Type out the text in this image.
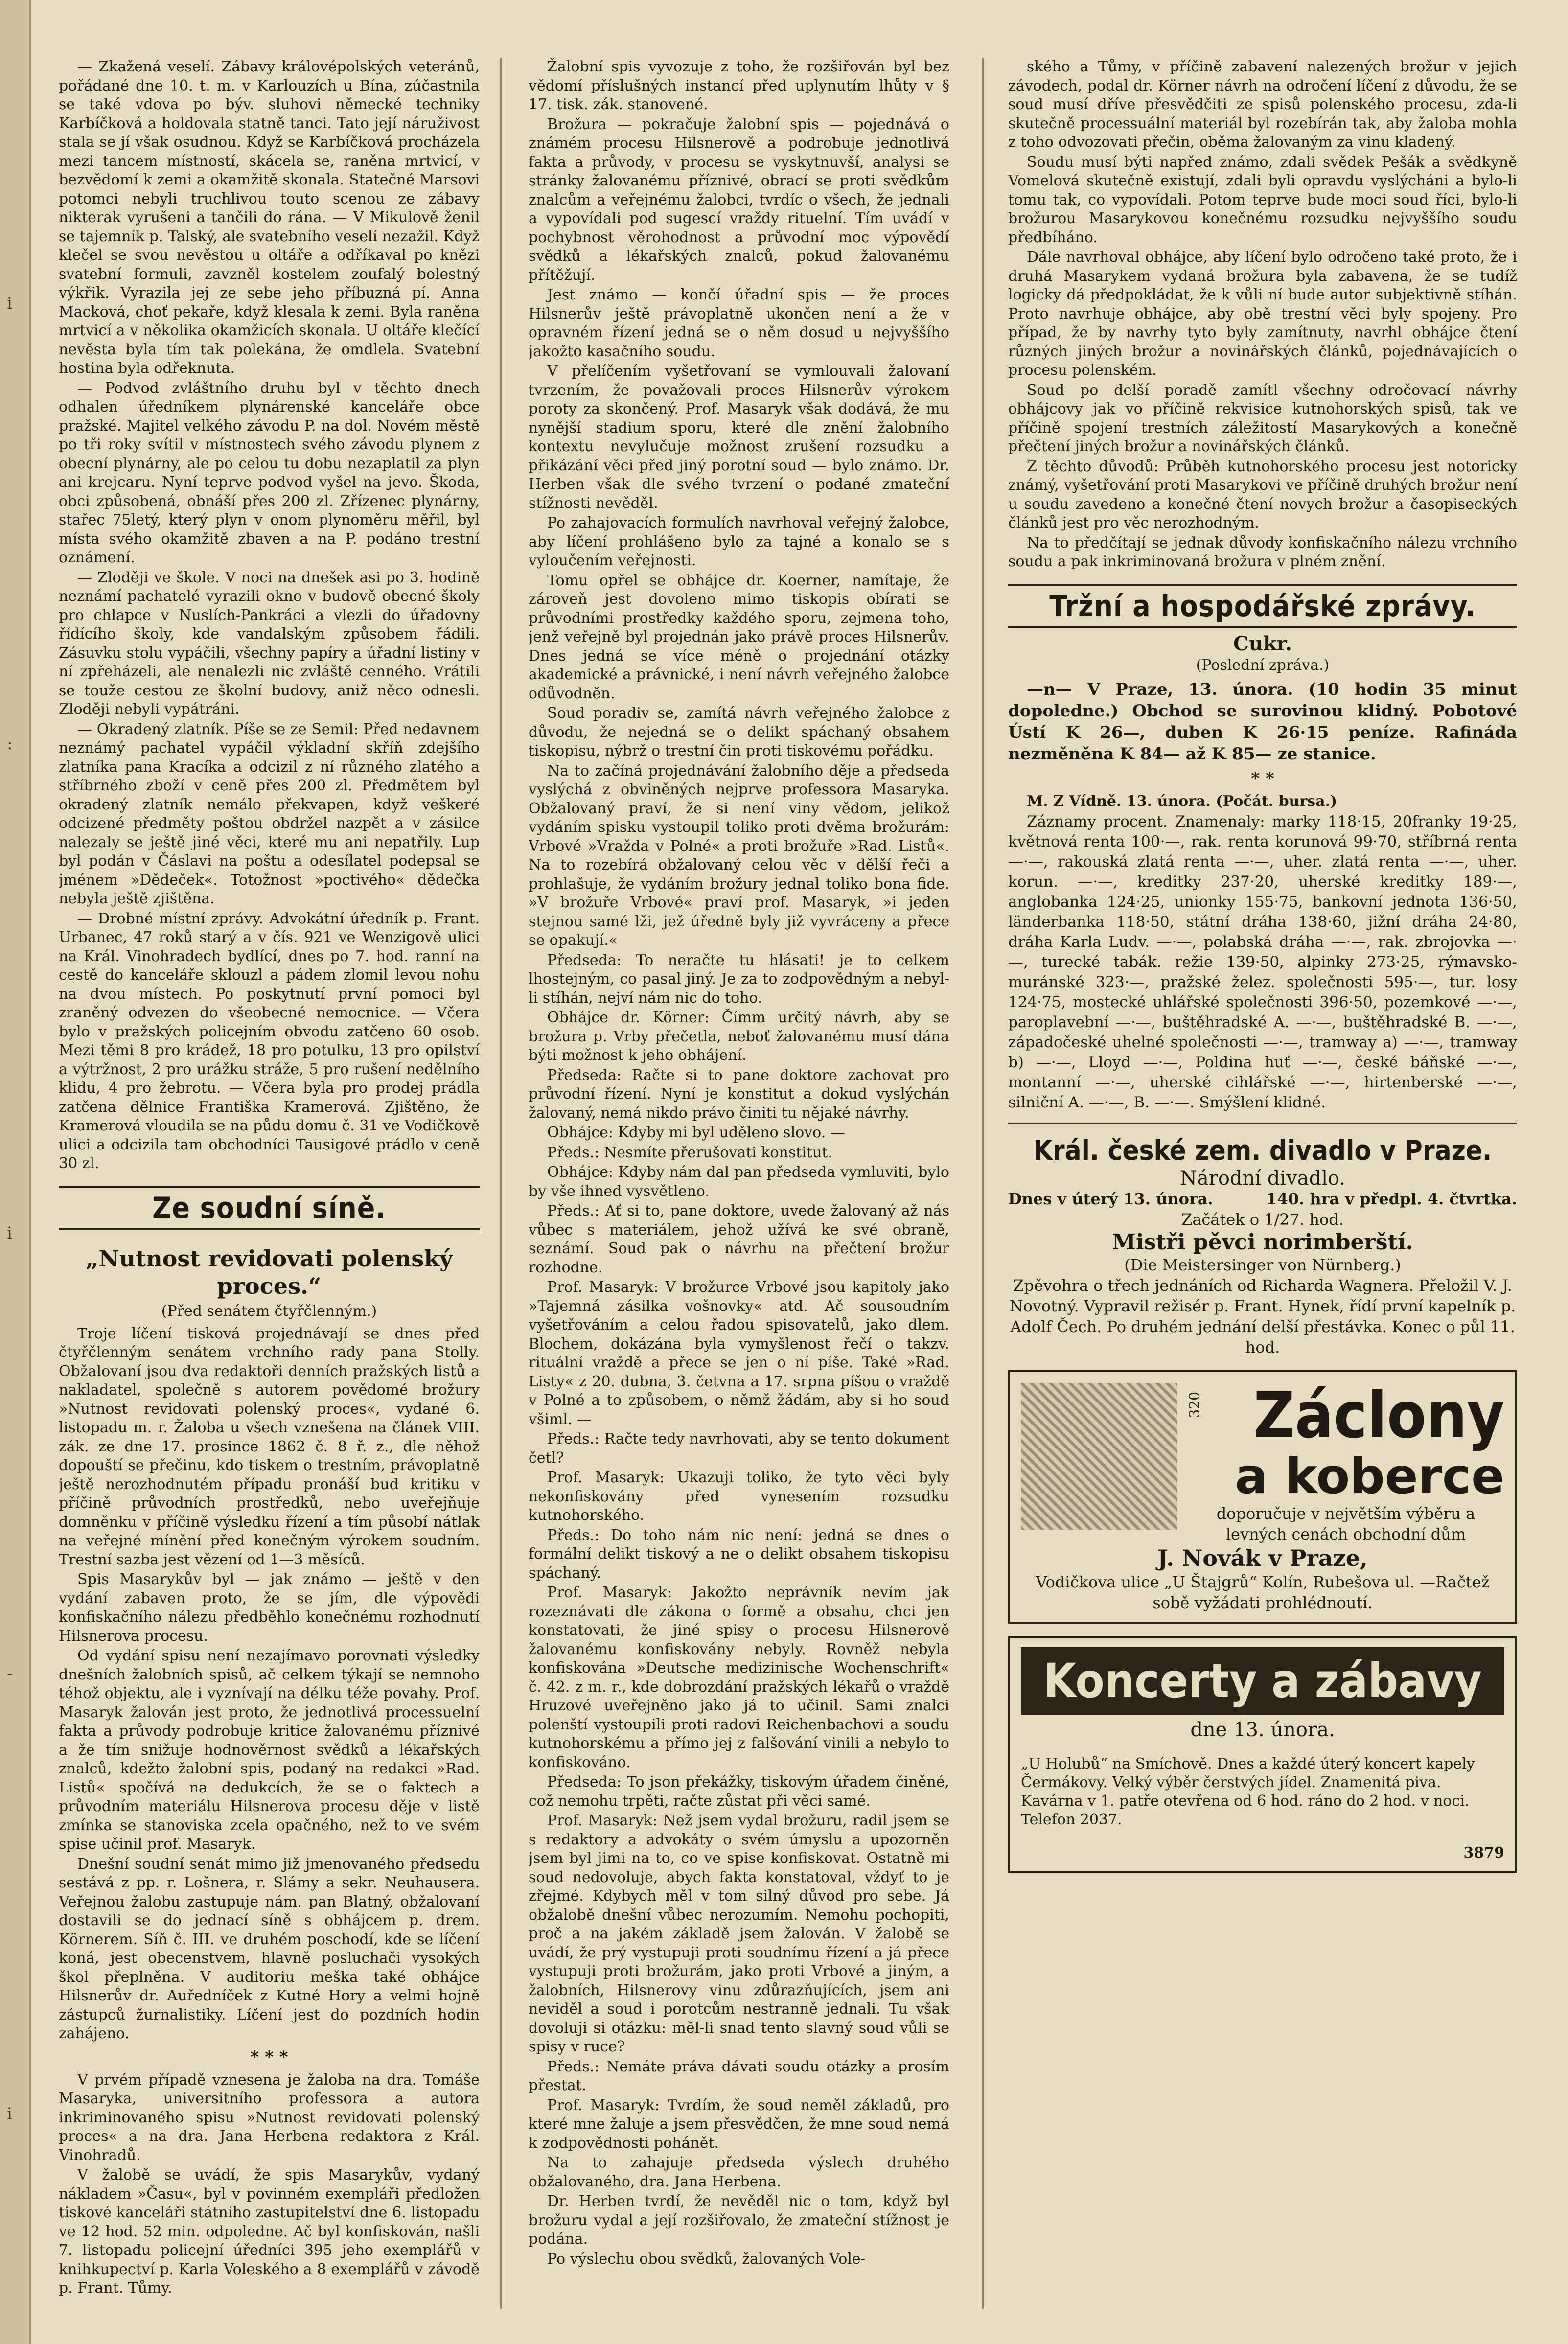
i
:
i
-
i

— Zkažená veselí. Zábavy královépolských veteránů, pořádané dne 10. t. m. v Karlouzích u Bína, zúčastnila se také vdova po býv. sluhovi německé techniky Karbíčková a holdovala statně tanci. Tato její náruživost stala se jí však osudnou. Když se Karbíčková procházela mezi tancem místností, skácela se, raněna mrtvicí, v bezvědomí k zemi a okamžitě skonala. Statečné Marsovi potomci nebyli truchlivou touto scenou ze zábavy nikterak vyrušeni a tančili do rána. — V Mikulově ženil se tajemník p. Talský, ale svatebního veselí nezažil. Když klečel se svou nevěstou u oltáře a odříkaval po knězi svatební formuli, zavzněl kostelem zoufalý bolestný výkřik. Vyrazila jej ze sebe jeho příbuzná pí. Anna Macková, choť pekaře, když klesala k zemi. Byla raněna mrtvicí a v několika okamžicích skonala. U oltáře klečící nevěsta byla tím tak polekána, že omdlela. Svatební hostina byla odřeknuta.

— Podvod zvláštního druhu byl v těchto dnech odhalen úředníkem plynárenské kanceláře obce pražské. Majitel velkého závodu P. na dol. Novém městě po tři roky svítil v místnostech svého závodu plynem z obecní plynárny, ale po celou tu dobu nezaplatil za plyn ani krejcaru. Nyní teprve podvod vyšel na jevo. Škoda, obci způsobená, obnáší přes 200 zl. Zřízenec plynárny, stařec 75letý, který plyn v onom plynoměru měřil, byl místa svého okamžitě zbaven a na P. podáno trestní oznámení.

— Zloději ve škole. V noci na dnešek asi po 3. hodině neznámí pachatelé vyrazili okno v budově obecné školy pro chlapce v Nuslích-Pankráci a vlezli do úřadovny řídícího školy, kde vandalským způsobem řádili. Zásuvku stolu vypáčili, všechny papíry a úřadní listiny v ní zpřeházeli, ale nenalezli nic zvláště cenného. Vrátili se touže cestou ze školní budovy, aniž něco odnesli. Zloději nebyli vypátráni.

— Okradený zlatník. Píše se ze Semil: Před nedavnem neznámý pachatel vypáčil výkladní skříň zdejšího zlatníka pana Kracíka a odcizil z ní různého zlatého a stříbrného zboží v ceně přes 200 zl. Předmětem byl okradený zlatník nemálo překvapen, když veškeré odcizené předměty poštou obdržel nazpět a v zásilce nalezaly se ještě jiné věci, které mu ani nepatřily. Lup byl podán v Čáslavi na poštu a odesílatel podepsal se jménem »Dědeček«. Totožnost »poctivého« dědečka nebyla ještě zjištěna.

— Drobné místní zprávy. Advokátní úředník p. Frant. Urbanec, 47 roků starý a v čís. 921 ve Wenzigově ulici na Král. Vinohradech bydlící, dnes po 7. hod. ranní na cestě do kanceláře sklouzl a pádem zlomil levou nohu na dvou místech. Po poskytnutí první pomoci byl zraněný odvezen do všeobecné nemocnice. — Včera bylo v pražských policejním obvodu zatčeno 60 osob. Mezi těmi 8 pro krádež, 18 pro potulku, 13 pro opilství a výtržnost, 2 pro urážku stráže, 5 pro rušení nedělního klidu, 4 pro žebrotu. — Včera byla pro prodej prádla zatčena dělnice Františka Kramerová. Zjištěno, že Kramerová vloudila se na půdu domu č. 31 ve Vodičkově ulici a odcizila tam obchodníci Tausigové prádlo v ceně 30 zl.

Ze soudní síně.
„Nutnost revidovati polenský proces.“
(Před senátem čtyřčlenným.)

Troje líčení tisková projednávají se dnes před čtyřčlenným senátem vrchního rady pana Stolly. Obžalovaní jsou dva redaktoři denních pražských listů a nakladatel, společně s autorem povědomé brožury »Nutnost revidovati polenský proces«, vydané 6. listopadu m. r. Žaloba u všech vznešena na článek VIII. zák. ze dne 17. prosince 1862 č. 8 ř. z., dle něhož dopouští se přečinu, kdo tiskem o trestním, právoplatně ještě nerozhodnutém případu pronáší bud kritiku v příčině průvodních prostředků, nebo uveřejňuje domněnku v příčině výsledku řízení a tím působí nátlak na veřejné mínění před konečným výrokem soudním. Trestní sazba jest vězení od 1—3 měsíců.

Spis Masarykův byl — jak známo — ještě v den vydání zabaven proto, že se jím, dle výpovědi konfiskačního nálezu předběhlo konečnému rozhodnutí Hilsnerova procesu.

Od vydání spisu není nezajímavo porovnati výsledky dnešních žalobních spisů, ač celkem týkají se nemnoho téhož objektu, ale i vyznívají na délku téže povahy. Prof. Masaryk žalován jest proto, že jednotlivá processuelní fakta a průvody podrobuje kritice žalovanému příznivé a že tím snižuje hodnověrnost svědků a lékařských znalců, kdežto žalobní spis, podaný na redakci »Rad. Listů« spočívá na dedukcích, že se o faktech a průvodním materiálu Hilsnerova procesu děje v listě zmínka se stanoviska zcela opačného, než to ve svém spise učinil prof. Masaryk.

Dnešní soudní senát mimo již jmenovaného předsedu sestává z pp. r. Lošnera, r. Slámy a sekr. Neuhausera. Veřejnou žalobu zastupuje nám. pan Blatný, obžalovaní dostavili se do jednací síně s obhájcem p. drem. Körnerem. Síň č. III. ve druhém poschodí, kde se líčení koná, jest obecenstvem, hlavně posluchači vysokých škol přeplněna. V auditoriu meška také obhájce Hilsnerův dr. Auředníček z Kutné Hory a velmi hojně zástupců žurnalistiky. Líčení jest do pozdních hodin zahájeno.

* * *

V prvém případě vznesena je žaloba na dra. Tomáše Masaryka, universitního professora a autora inkriminovaného spisu »Nutnost revidovati polenský proces« a na dra. Jana Herbena redaktora z Král. Vinohradů.

V žalobě se uvádí, že spis Masarykův, vydaný nákladem »Času«, byl v povinném exempláři předložen tiskové kanceláři státního zastupitelství dne 6. listopadu ve 12 hod. 52 min. odpoledne. Ač byl konfiskován, našli 7. listopadu policejní úředníci 395 jeho exemplářů v knihkupectví p. Karla Voleského a 8 exemplářů v závodě p. Frant. Tůmy.

Žalobní spis vyvozuje z toho, že rozšiřován byl bez vědomí příslušných instancí před uplynutím lhůty v § 17. tisk. zák. stanovené.

Brožura — pokračuje žalobní spis — pojednává o známém procesu Hilsnerově a podrobuje jednotlivá fakta a průvody, v procesu se vyskytnuvší, analysi se stránky žalovanému příznivé, obrací se proti svědkům znalcům a veřejnému žalobci, tvrdíc o všech, že jednali a vypovídali pod sugescí vraždy rituelní. Tím uvádí v pochybnost věrohodnost a průvodní moc výpovědí svědků a lékařských znalců, pokud žalovanému přítěžují.

Jest známo — končí úřadní spis — že proces Hilsnerův ještě právoplatně ukončen není a že v opravném řízení jedná se o něm dosud u nejvyššího jakožto kasačního soudu.

V přelíčením vyšetřovaní se vymlouvali žalovaní tvrzením, že považovali proces Hilsnerův výrokem poroty za skončený. Prof. Masaryk však dodává, že mu nynější stadium sporu, které dle znění žalobního kontextu nevylučuje možnost zrušení rozsudku a přikázání věci před jiný porotní soud — bylo známo. Dr. Herben však dle svého tvrzení o podané zmateční stížnosti nevěděl.

Po zahajovacích formulích navrhoval veřejný žalobce, aby líčení prohlášeno bylo za tajné a konalo se s vyloučením veřejnosti.

Tomu opřel se obhájce dr. Koerner, namítaje, že zároveň jest dovoleno mimo tiskopis obírati se průvodními prostředky každého sporu, zejmena toho, jenž veřejně byl projednán jako právě proces Hilsnerův. Dnes jedná se více méně o projednání otázky akademické a právnické, i není návrh veřejného žalobce odůvodněn.

Soud poradiv se, zamítá návrh veřejného žalobce z důvodu, že nejedná se o delikt spáchaný obsahem tiskopisu, nýbrž o trestní čin proti tiskovému pořádku.

Na to začíná projednávání žalobního děje a předseda vyslýchá z obviněných nejprve professora Masaryka. Obžalovaný praví, že si není viny vědom, jelikož vydáním spisku vystoupil toliko proti dvěma brožurám: Vrbové »Vražda v Polné« a proti brožuře »Rad. Listů«. Na to rozebírá obžalovaný celou věc v dělší řeči a prohlašuje, že vydáním brožury jednal toliko bona fide. »V brožuře Vrbové« praví prof. Masaryk, »i jeden stejnou samé lži, jež úředně byly již vyvráceny a přece se opakují.«

Předseda: To neračte tu hlásati! je to celkem lhostejným, co pasal jiný. Je za to zodpovědným a nebyl-li stíhán, nejví nám nic do toho.

Obhájce dr. Körner: Čímm určitý návrh, aby se brožura p. Vrby přečetla, neboť žalovanému musí dána býti možnost k jeho obhájení.

Předseda: Račte si to pane doktore zachovat pro průvodní řízení. Nyní je konstitut a dokud vyslýchán žalovaný, nemá nikdo právo činiti tu nějaké návrhy.

Obhájce: Kdyby mi byl uděleno slovo. —

Předs.: Nesmíte přerušovati konstitut.

Obhájce: Kdyby nám dal pan předseda vymluviti, bylo by vše ihned vysvětleno.

Předs.: Ať si to, pane doktore, uvede žalovaný až nás vůbec s materiálem, jehož užívá ke své obraně, seznámí. Soud pak o návrhu na přečtení brožur rozhodne.

Prof. Masaryk: V brožurce Vrbové jsou kapitoly jako »Tajemná zásilka vošnovky« atd. Ač sousoudním vyšetřováním a celou řadou spisovatelů, jako dlem. Blochem, dokázána byla vymyšlenost řečí o takzv. rituální vraždě a přece se jen o ní píše. Také »Rad. Listy« z 20. dubna, 3. četvna a 17. srpna píšou o vraždě v Polné a to způsobem, o němž žádám, aby si ho soud všiml. —

Předs.: Račte tedy navrhovati, aby se tento dokument četl?

Prof. Masaryk: Ukazuji toliko, že tyto věci byly nekonfiskovány před vynesením rozsudku kutnohorského.

Předs.: Do toho nám nic není: jedná se dnes o formální delikt tiskový a ne o delikt obsahem tiskopisu spáchaný.

Prof. Masaryk: Jakožto neprávník nevím jak rozeznávati dle zákona o formě a obsahu, chci jen konstatovati, že jiné spisy o procesu Hilsnerově žalovanému konfiskovány nebyly. Rovněž nebyla konfiskována »Deutsche medizinische Wochenschrift« č. 42. z m. r., kde dobrozdání pražských lékařů o vraždě Hruzové uveřejněno jako já to učinil. Sami znalci polenští vystoupili proti radovi Reichenbachovi a soudu kutnohorskému a přímo jej z falšování vinili a nebylo to konfiskováno.

Předseda: To json překážky, tiskovým úřadem činěné, což nemohu trpěti, račte zůstat při věci samé.

Prof. Masaryk: Než jsem vydal brožuru, radil jsem se s redaktory a advokáty o svém úmyslu a upozorněn jsem byl jimi na to, co ve spise konfiskovat. Ostatně mi soud nedovoluje, abych fakta konstatoval, vždyť to je zřejmé. Kdybych měl v tom silný důvod pro sebe. Já obžalobě dnešní vůbec nerozumím. Nemohu pochopiti, proč a na jakém základě jsem žalován. V žalobě se uvádí, že prý vystupuji proti soudnímu řízení a já přece vystupuji proti brožurám, jako proti Vrbové a jiným, a žalobních, Hilsnerovy vinu zdůrazňujících, jsem ani neviděl a soud i porotcům nestranně jednali. Tu však dovoluji si otázku: měl-li snad tento slavný soud vůli se spisy v ruce?

Předs.: Nemáte práva dávati soudu otázky a prosím přestat.

Prof. Masaryk: Tvrdím, že soud neměl základů, pro které mne žaluje a jsem přesvědčen, že mne soud nemá k zodpovědnosti pohánět.

Na to zahajuje předseda výslech druhého obžalovaného, dra. Jana Herbena.

Dr. Herben tvrdí, že nevěděl nic o tom, když byl brožuru vydal a její rozšiřovalo, že zmateční stížnost je podána.

Po výslechu obou svědků, žalovaných Vole-

ského a Tůmy, v příčině zabavení nalezených brožur v jejich závodech, podal dr. Körner návrh na odročení líčení z důvodu, že se soud musí dříve přesvědčiti ze spisů polenského procesu, zda-li skutečně processuální materiál byl rozebírán tak, aby žaloba mohla z toho odvozovati přečin, oběma žalovaným za vinu kladený.

Soudu musí býti napřed známo, zdali svědek Pešák a svědkyně Vomelová skutečně existují, zdali byli opravdu vyslýcháni a bylo-li tomu tak, co vypovídali. Potom teprve bude moci soud říci, bylo-li brožurou Masarykovou konečnému rozsudku nejvyššího soudu předbíháno.

Dále navrhoval obhájce, aby líčení bylo odročeno také proto, že i druhá Masarykem vydaná brožura byla zabavena, že se tudíž logicky dá předpokládat, že k vůli ní bude autor subjektivně stíhán. Proto navrhuje obhájce, aby obě trestní věci byly spojeny. Pro případ, že by navrhy tyto byly zamítnuty, navrhl obhájce čtení různých jiných brožur a novinářských článků, pojednávajících o procesu polenském.

Soud po delší poradě zamítl všechny odročovací návrhy obhájcovy jak vo příčině rekvisice kutnohorských spisů, tak ve příčině spojení trestních záležitostí Masarykových a konečně přečtení jiných brožur a novinářských článků.

Z těchto důvodů: Průběh kutnohorského procesu jest notoricky známý, vyšetřování proti Masarykovi ve příčině druhých brožur není u soudu zavedeno a konečné čtení novych brožur a časopiseckých článků jest pro věc nerozhodným.

Na to předčítají se jednak důvody konfiskačního nálezu vrchního soudu a pak inkriminovaná brožura v plném znění.

Tržní a hospodářské zprávy.
Cukr.
(Poslední zpráva.)

—n— V Praze, 13. února. (10 hodin 35 minut dopoledne.) Obchod se surovinou klidný. Pobotové Ústí K 26—, duben K 26·15 peníze. Rafináda nezměněna K 84— až K 85— ze stanice.

* *

M. Z Vídně. 13. února. (Počát. bursa.)

Záznamy procent. Znamenaly: marky 118·15, 20franky 19·25, květnová renta 100·—, rak. renta korunová 99·70, stříbrná renta —·—, rakouská zlatá renta —·—, uher. zlatá renta —·—, uher. korun. —·—, kreditky 237·20, uherské kreditky 189·—, anglobanka 124·25, unionky 155·75, bankovní jednota 136·50, länderbanka 118·50, státní dráha 138·60, jižní dráha 24·80, dráha Karla Ludv. —·—, polabská dráha —·—, rak. zbrojovka —·—, turecké tabák. režie 139·50, alpinky 273·25, rýmavsko-muránské 323·—, pražské želez. společnosti 595·—, tur. losy 124·75, mostecké uhlářské společnosti 396·50, pozemkové —·—, paroplavební —·—, buštěhradské A. —·—, buštěhradské B. —·—, západočeské uhelné společnosti —·—, tramway a) —·—, tramway b) —·—, Lloyd —·—, Poldina huť —·—, české báňské —·—, montanní —·—, uherské cihlářské —·—, hirtenberské —·—, silniční A. —·—, B. —·—. Smýšlení klidné.

Král. české zem. divadlo v Praze.
Národní divadlo.
Dnes v úterý 13. února.	140. hra v předpl. 4. čtvrtka.
Začátek o 1/27. hod.
Mistři pěvci norimberští.
(Die Meistersinger von Nürnberg.)
Zpěvohra o třech jednáních od Richarda Wagnera. Přeložil V. J. Novotný. Vypravil režisér p. Frant. Hynek, řídí první kapelník p. Adolf Čech. Po druhém jednání delší přestávka. Konec o půl 11. hod.
320 Záclony
a koberce
doporučuje v největším výběru a levných cenách obchodní dům
J. Novák v Praze,
Vodičkova ulice „U Štajgrů“ Kolín, Rubešova ul. —Račtež sobě vyžádati prohlédnoutí.
Koncerty a zábavy
dne 13. února.

„U Holubů“ na Smíchově. Dnes a každé úterý koncert kapely Čermákovy. Velký výběr čerstvých jídel. Znamenitá piva. Kavárna v 1. patře otevřena od 6 hod. ráno do 2 hod. v noci. Telefon 2037.

3879
